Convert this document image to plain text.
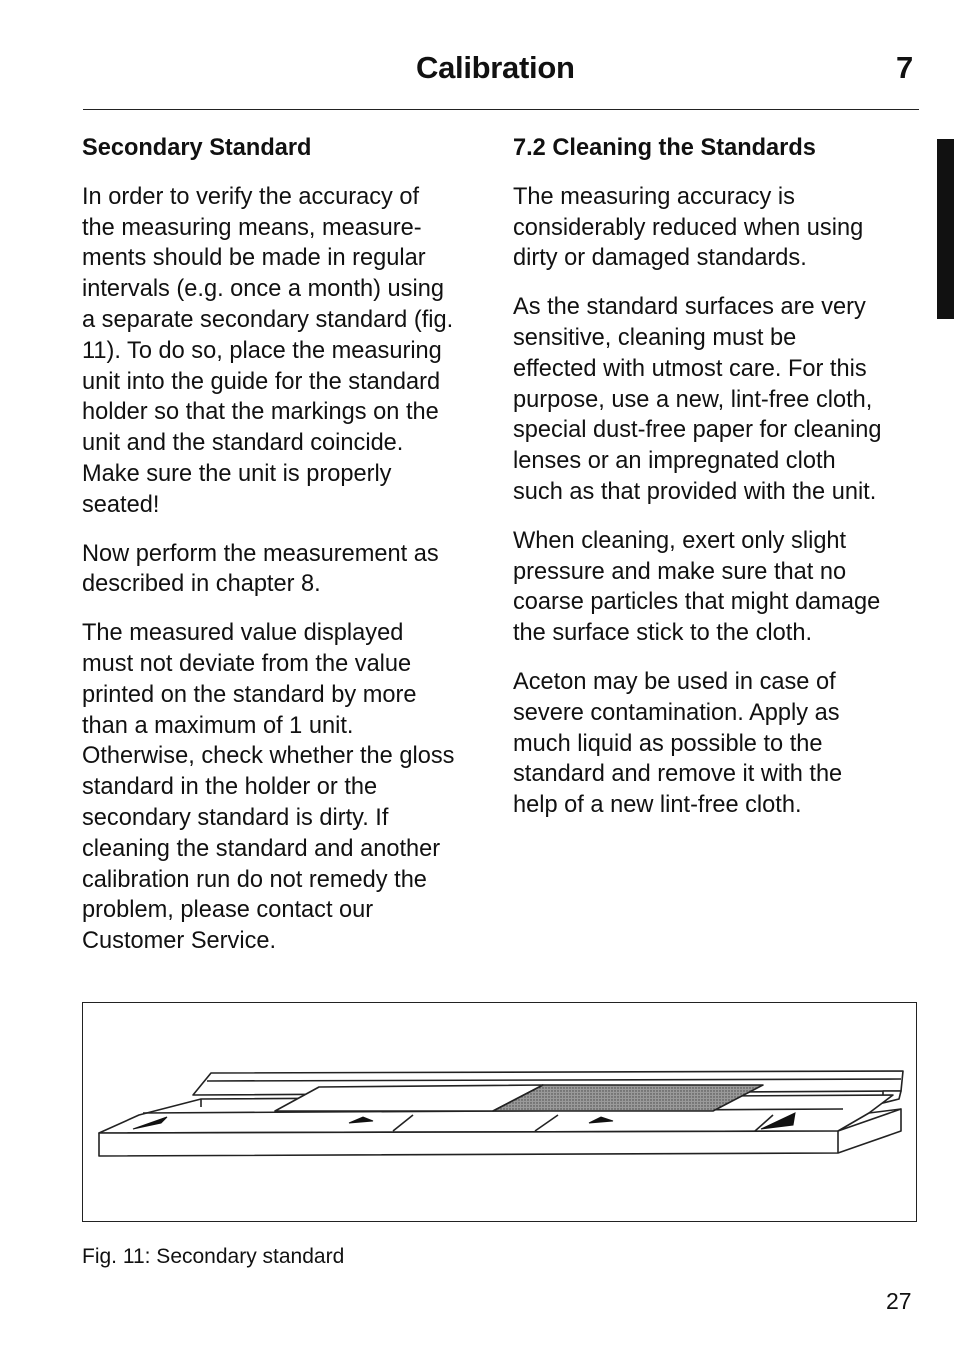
Calibration	7
Secondary Standard

In order to verify the accuracy of
the measuring means, measure-
ments should be made in regular
intervals (e.g. once a month) using
a separate secondary standard (fig.
11). To do so, place the measuring
unit into the guide for the standard
holder so that the markings on the
unit and the standard coincide.
Make sure the unit is properly
seated!

Now perform the measurement as
described in chapter 8.

The measured value displayed
must not deviate from the value
printed on the standard by more
than a maximum of 1 unit.
Otherwise, check whether the gloss
standard in the holder or the
secondary standard is dirty. If
cleaning the standard and another
calibration run do not remedy the
problem, please contact our
Customer Service.

7.2 Cleaning the Standards

The measuring accuracy is
considerably reduced when using
dirty or damaged standards.

As the standard surfaces are very
sensitive, cleaning must be
effected with utmost care. For this
purpose, use a new, lint-free cloth,
special dust-free paper for cleaning
lenses or an impregnated cloth
such as that provided with the unit.

When cleaning, exert only slight
pressure and make sure that no
coarse particles that might damage
the surface stick to the cloth.

Aceton may be used in case of
severe contamination. Apply as
much liquid as possible to the
standard and remove it with the
help of a new lint-free cloth.

Fig. 11: Secondary standard
27
